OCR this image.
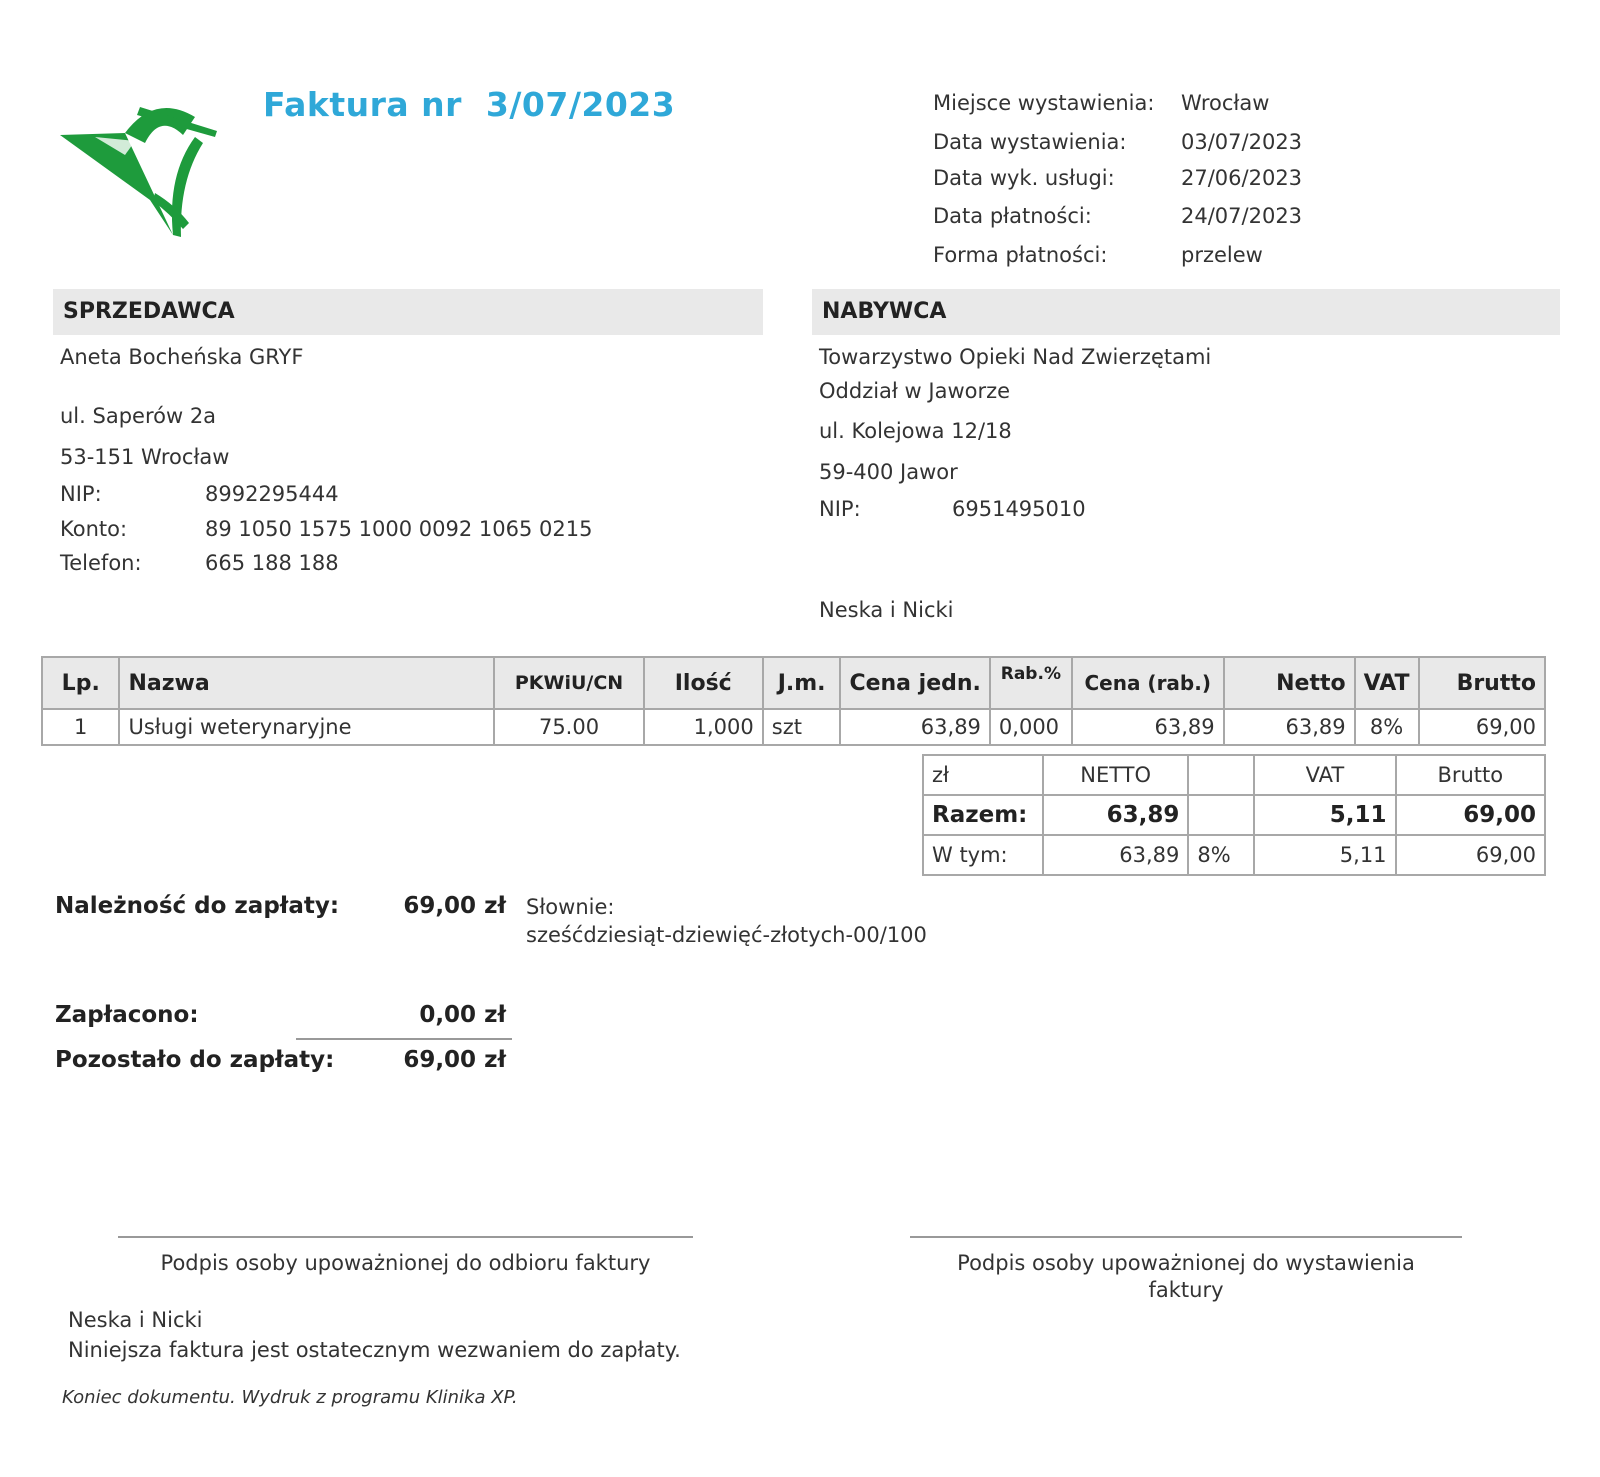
Faktura nr 3/07/2023	Miejsce wystawienia: Wrocław
Data wystawienia:	03/07/2023
Data wyk. usługi:	27/06/2023
Data płatności:	24/07/2023
Forma płatności:	przelew
SPRZEDAWCA
Aneta Bocheńska GRYF
ul. Saperów 2a
53-151 Wrocław
NIP:	8992295444
Konto:	89 1050 1575 1000 0092 1065 0215
Telefon:	665 188 188
NABYWCA
Towarzystwo Opieki Nad Zwierzętami
Oddział w Jaworze
ul. Kolejowa 12/18
59-400 Jawor
NIP:	6951495010
Neska i Nicki
Lp.	Nazwa	PKWiU/CN	Ilość	J.m.	Cena jedn.	Rab.%	Cena (rab.)	Netto	VAT	Brutto
1	Usługi weterynaryjne	75.00	1,000	szt	63,89	0,000	63,89	63,89	8%	69,00
zł	NETTO		VAT	Brutto
Razem:	63,89		5,11	69,00
W tym:	63,89	8%	5,11	69,00
Należność do zapłaty:	69,00 zł Słownie:
sześćdziesiąt-dziewięć-złotych-00/100
Zapłacono:	0,00 zł
Pozostało do zapłaty:	69,00 zł
Podpis osoby upoważnionej do odbioru faktury	Podpis osoby upoważnionej do wystawienia
faktury
Neska i Nicki
Niniejsza faktura jest ostatecznym wezwaniem do zapłaty.
Koniec dokumentu. Wydruk z programu Klinika XP.
